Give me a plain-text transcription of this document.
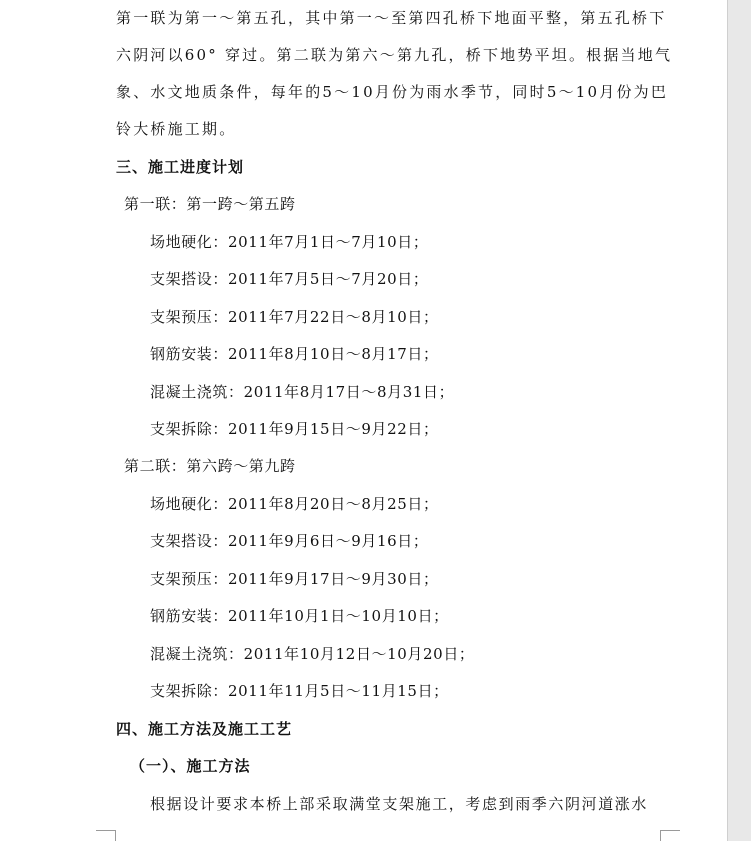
第一联为第一～第五孔，其中第一～至第四孔桥下地面平整，第五孔桥下
六阴河以60° 穿过。第二联为第六～第九孔，桥下地势平坦。根据当地气
象、水文地质条件，每年的5～10月份为雨水季节，同时5～10月份为巴
铃大桥施工期。
三、施工进度计划
第一联：第一跨～第五跨
场地硬化：2011年7月1日～7月10日；
支架搭设：2011年7月5日～7月20日；
支架预压：2011年7月22日～8月10日；
钢筋安装：2011年8月10日～8月17日；
混凝土浇筑：2011年8月17日～8月31日；
支架拆除：2011年9月15日～9月22日；
第二联：第六跨～第九跨
场地硬化：2011年8月20日～8月25日；
支架搭设：2011年9月6日～9月16日；
支架预压：2011年9月17日～9月30日；
钢筋安装：2011年10月1日～10月10日；
混凝土浇筑：2011年10月12日～10月20日；
支架拆除：2011年11月5日～11月15日；
四、施工方法及施工工艺
（一）、施工方法
根据设计要求本桥上部采取满堂支架施工，考虑到雨季六阴河道涨水
